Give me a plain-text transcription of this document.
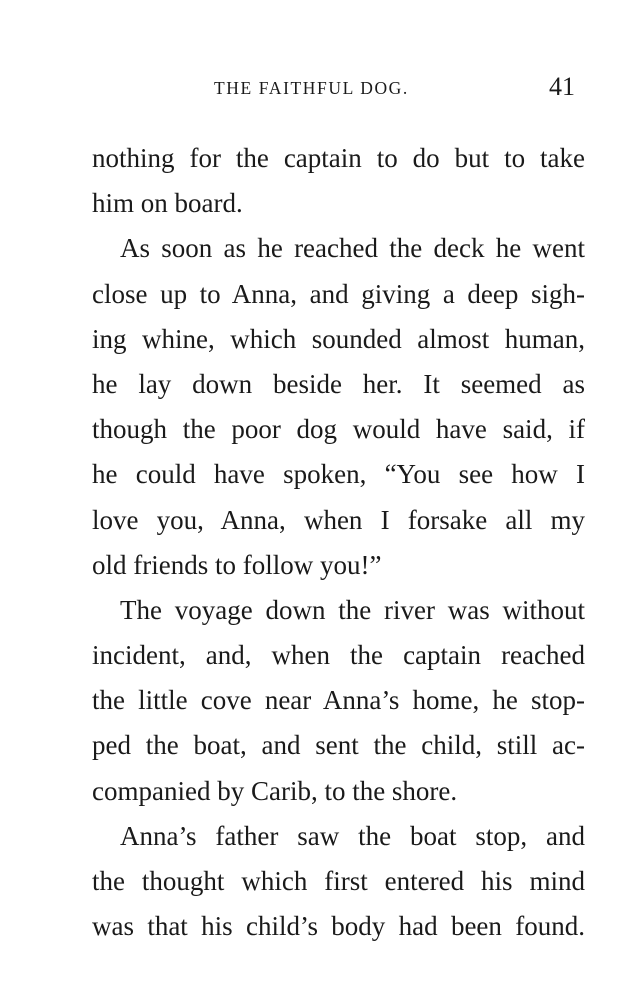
THE FAITHFUL DOG.	41
nothing for the captain to do but to take
him on board.
As soon as he reached the deck he went
close up to Anna, and giving a deep sigh-
ing whine, which sounded almost human,
he lay down beside her. It seemed as
though the poor dog would have said, if
he could have spoken, “You see how I
love you, Anna, when I forsake all my
old friends to follow you!”
The voyage down the river was without
incident, and, when the captain reached
the little cove near Anna’s home, he stop-
ped the boat, and sent the child, still ac-
companied by Carib, to the shore.
Anna’s father saw the boat stop, and
the thought which first entered his mind
was that his child’s body had been found.
